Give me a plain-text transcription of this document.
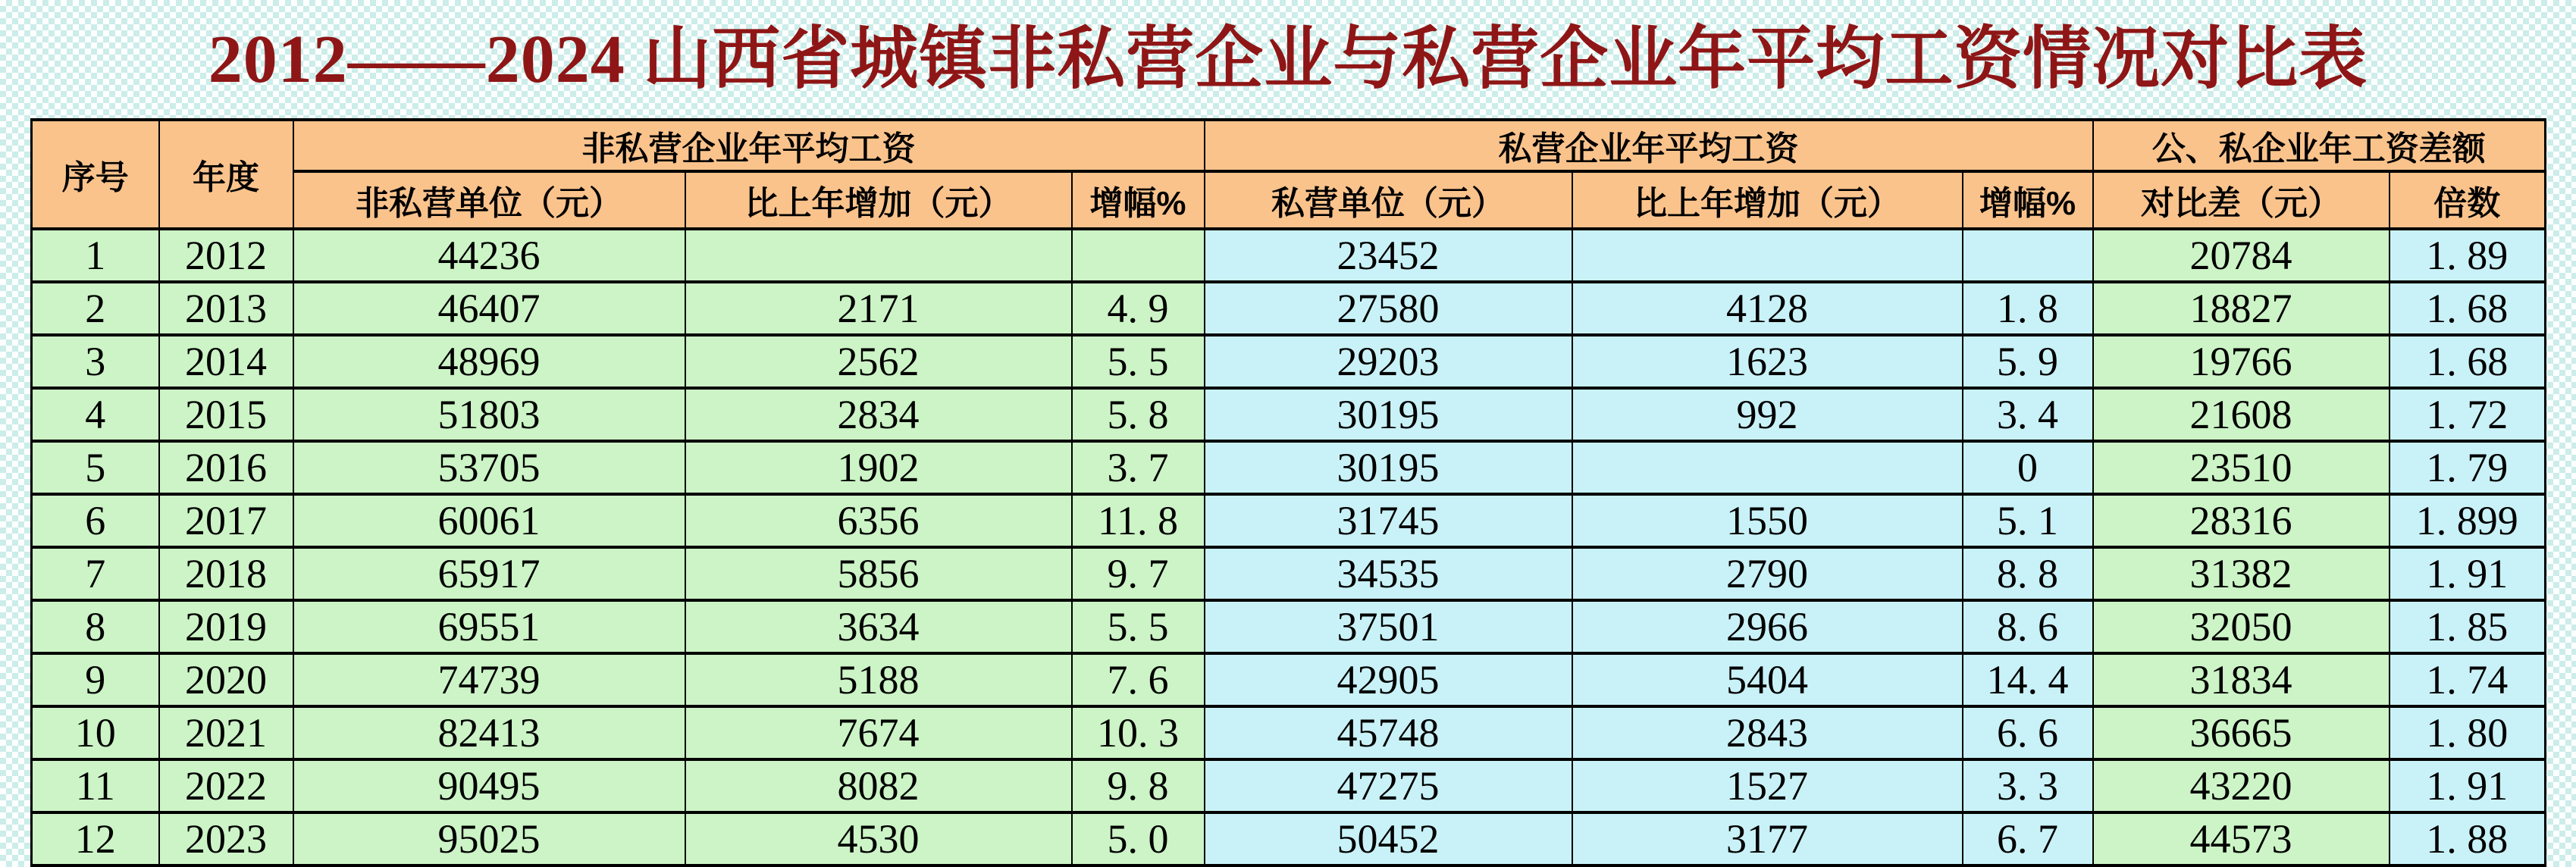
2012——2024 山西省城镇非私营企业与私营企业年平均工资情况对比表
序号	年度	非私营企业年平均工资			私营企业年平均工资			公、私企业年工资差额	
		非私营单位（元）	比上年增加（元）	增幅%	私营单位（元）	比上年增加（元）	增幅%	对比差（元）	倍数
1	2012	44236			23452			20784	1. 89
2	2013	46407	2171	4. 9	27580	4128	1. 8	18827	1. 68
3	2014	48969	2562	5. 5	29203	1623	5. 9	19766	1. 68
4	2015	51803	2834	5. 8	30195	992	3. 4	21608	1. 72
5	2016	53705	1902	3. 7	30195		0	23510	1. 79
6	2017	60061	6356	11. 8	31745	1550	5. 1	28316	1. 899
7	2018	65917	5856	9. 7	34535	2790	8. 8	31382	1. 91
8	2019	69551	3634	5. 5	37501	2966	8. 6	32050	1. 85
9	2020	74739	5188	7. 6	42905	5404	14. 4	31834	1. 74
10	2021	82413	7674	10. 3	45748	2843	6. 6	36665	1. 80
11	2022	90495	8082	9. 8	47275	1527	3. 3	43220	1. 91
12	2023	95025	4530	5. 0	50452	3177	6. 7	44573	1. 88
